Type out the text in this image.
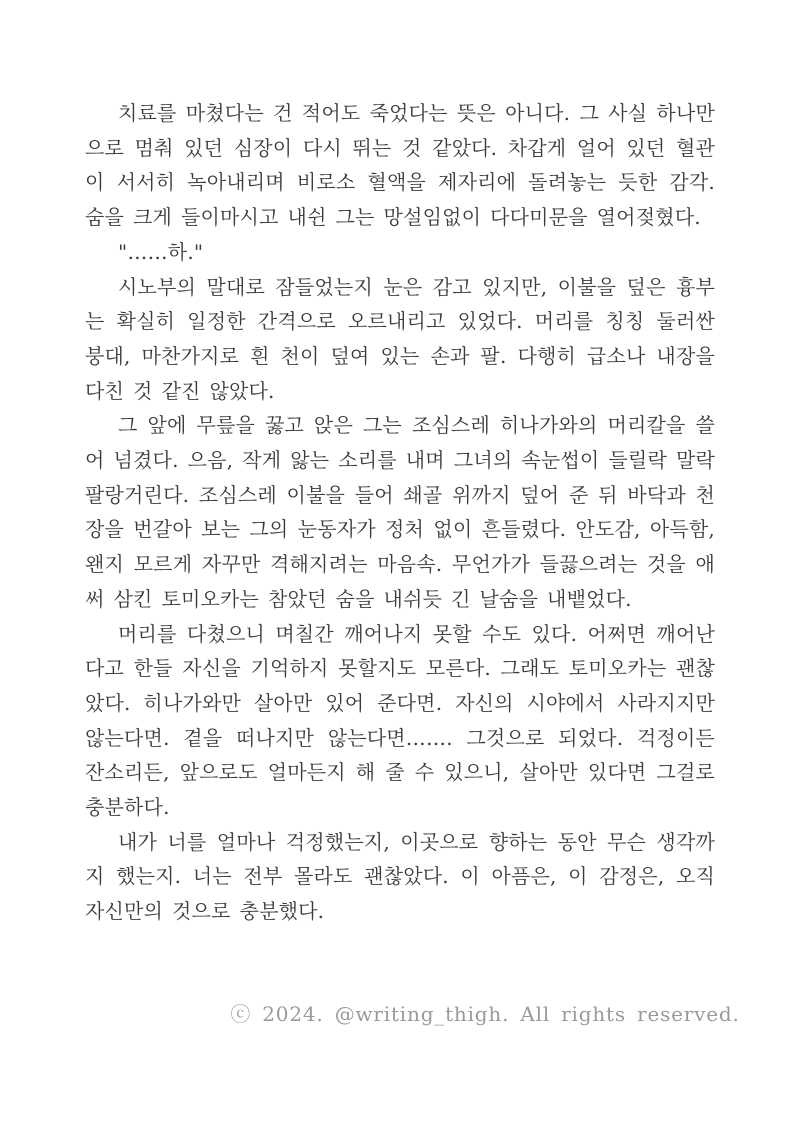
치료를 마쳤다는 건 적어도 죽었다는 뜻은 아니다. 그 사실 하나만으로 멈춰 있던 심장이 다시 뛰는 것 같았다. 차갑게 얼어 있던 혈관이 서서히 녹아내리며 비로소 혈액을 제자리에 돌려놓는 듯한 감각. 숨을 크게 들이마시고 내쉰 그는 망설임없이 다다미문을 열어젖혔다.

"……하."

시노부의 말대로 잠들었는지 눈은 감고 있지만, 이불을 덮은 흉부는 확실히 일정한 간격으로 오르내리고 있었다. 머리를 칭칭 둘러싼 붕대, 마찬가지로 흰 천이 덮여 있는 손과 팔. 다행히 급소나 내장을 다친 것 같진 않았다.

그 앞에 무릎을 꿇고 앉은 그는 조심스레 히나가와의 머리칼을 쓸어 넘겼다. 으음, 작게 앓는 소리를 내며 그녀의 속눈썹이 들릴락 말락 팔랑거린다. 조심스레 이불을 들어 쇄골 위까지 덮어 준 뒤 바닥과 천장을 번갈아 보는 그의 눈동자가 정처 없이 흔들렸다. 안도감, 아득함, 왠지 모르게 자꾸만 격해지려는 마음속. 무언가가 들끓으려는 것을 애써 삼킨 토미오카는 참았던 숨을 내쉬듯 긴 날숨을 내뱉었다.

머리를 다쳤으니 며칠간 깨어나지 못할 수도 있다. 어쩌면 깨어난다고 한들 자신을 기억하지 못할지도 모른다. 그래도 토미오카는 괜찮았다. 히나가와만 살아만 있어 준다면. 자신의 시야에서 사라지지만 않는다면. 곁을 떠나지만 않는다면……. 그것으로 되었다. 걱정이든 잔소리든, 앞으로도 얼마든지 해 줄 수 있으니, 살아만 있다면 그걸로 충분하다.

내가 너를 얼마나 걱정했는지, 이곳으로 향하는 동안 무슨 생각까지 했는지. 너는 전부 몰라도 괜찮았다. 이 아픔은, 이 감정은, 오직 자신만의 것으로 충분했다.

ⓒ 2024. @writing_thigh. All rights reserved.
